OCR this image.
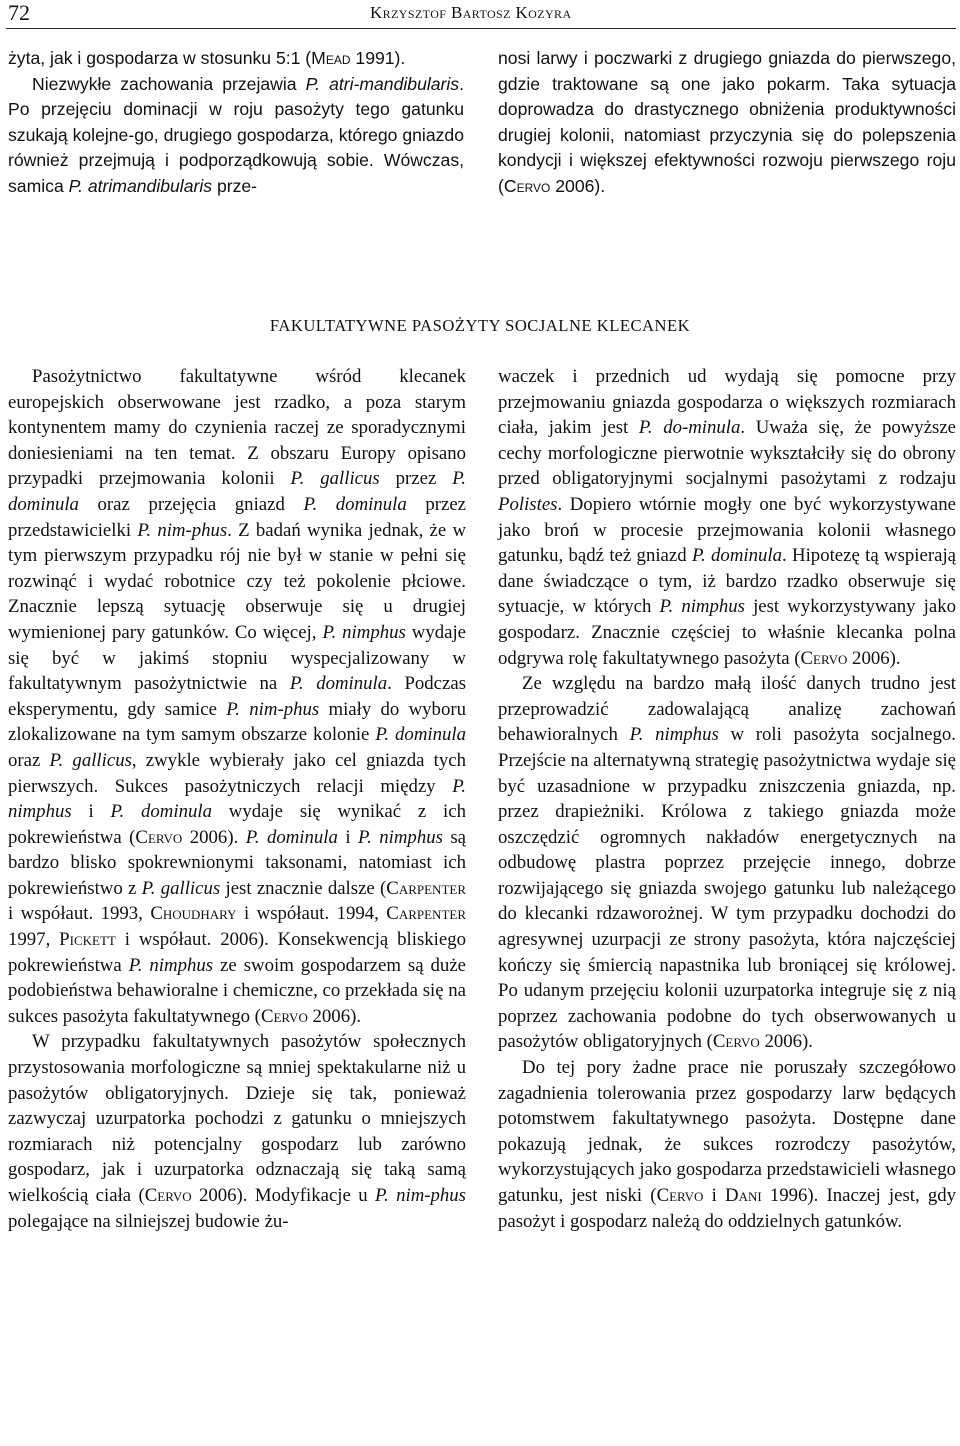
72	Krzysztof Bartosz Kozyra

żyta, jak i gospodarza w stosunku 5:1 (Mead 1991).

Niezwykłe zachowania przejawia P. atri-mandibularis. Po przejęciu dominacji w roju pasożyty tego gatunku szukają kolejne-go, drugiego gospodarza, którego gniazdo również przejmują i podporządkowują sobie. Wówczas, samica P. atrimandibularis prze-

nosi larwy i poczwarki z drugiego gniazda do pierwszego, gdzie traktowane są one jako pokarm. Taka sytuacja doprowadza do drastycznego obniżenia produktywności drugiej kolonii, natomiast przyczynia się do polepszenia kondycji i większej efektywności rozwoju pierwszego roju (Cervo 2006).

FAKULTATYWNE PASOŻYTY SOCJALNE KLECANEK

Pasożytnictwo fakultatywne wśród klecanek europejskich obserwowane jest rzadko, a poza starym kontynentem mamy do czynienia raczej ze sporadycznymi doniesieniami na ten temat. Z obszaru Europy opisano przypadki przejmowania kolonii P. gallicus przez P. dominula oraz przejęcia gniazd P. dominula przez przedstawicielki P. nim-phus. Z badań wynika jednak, że w tym pierwszym przypadku rój nie był w stanie w pełni się rozwinąć i wydać robotnice czy też pokolenie płciowe. Znacznie lepszą sytuację obserwuje się u drugiej wymienionej pary gatunków. Co więcej, P. nimphus wydaje się być w jakimś stopniu wyspecjalizowany w fakultatywnym pasożytnictwie na P. dominula. Podczas eksperymentu, gdy samice P. nim-phus miały do wyboru zlokalizowane na tym samym obszarze kolonie P. dominula oraz P. gallicus, zwykle wybierały jako cel gniazda tych pierwszych. Sukces pasożytniczych relacji między P. nimphus i P. dominula wydaje się wynikać z ich pokrewieństwa (Cervo 2006). P. dominula i P. nimphus są bardzo blisko spokrewnionymi taksonami, natomiast ich pokrewieństwo z P. gallicus jest znacznie dalsze (Carpenter i współaut. 1993, Choudhary i współaut. 1994, Carpenter 1997, Pickett i współaut. 2006). Konsekwencją bliskiego pokrewieństwa P. nimphus ze swoim gospodarzem są duże podobieństwa behawioralne i chemiczne, co przekłada się na sukces pasożyta fakultatywnego (Cervo 2006).

W przypadku fakultatywnych pasożytów społecznych przystosowania morfologiczne są mniej spektakularne niż u pasożytów obligatoryjnych. Dzieje się tak, ponieważ zazwyczaj uzurpatorka pochodzi z gatunku o mniejszych rozmiarach niż potencjalny gospodarz lub zarówno gospodarz, jak i uzurpatorka odznaczają się taką samą wielkością ciała (Cervo 2006). Modyfikacje u P. nim-phus polegające na silniejszej budowie żu-

waczek i przednich ud wydają się pomocne przy przejmowaniu gniazda gospodarza o większych rozmiarach ciała, jakim jest P. do-minula. Uważa się, że powyższe cechy morfologiczne pierwotnie wykształciły się do obrony przed obligatoryjnymi socjalnymi pasożytami z rodzaju Polistes. Dopiero wtórnie mogły one być wykorzystywane jako broń w procesie przejmowania kolonii własnego gatunku, bądź też gniazd P. dominula. Hipotezę tą wspierają dane świadczące o tym, iż bardzo rzadko obserwuje się sytuacje, w których P. nimphus jest wykorzystywany jako gospodarz. Znacznie częściej to właśnie klecanka polna odgrywa rolę fakultatywnego pasożyta (Cervo 2006).

Ze względu na bardzo małą ilość danych trudno jest przeprowadzić zadowalającą analizę zachowań behawioralnych P. nimphus w roli pasożyta socjalnego. Przejście na alternatywną strategię pasożytnictwa wydaje się być uzasadnione w przypadku zniszczenia gniazda, np. przez drapieżniki. Królowa z takiego gniazda może oszczędzić ogromnych nakładów energetycznych na odbudowę plastra poprzez przejęcie innego, dobrze rozwijającego się gniazda swojego gatunku lub należącego do klecanki rdzaworożnej. W tym przypadku dochodzi do agresywnej uzurpacji ze strony pasożyta, która najczęściej kończy się śmiercią napastnika lub broniącej się królowej. Po udanym przejęciu kolonii uzurpatorka integruje się z nią poprzez zachowania podobne do tych obserwowanych u pasożytów obligatoryjnych (Cervo 2006).

Do tej pory żadne prace nie poruszały szczegółowo zagadnienia tolerowania przez gospodarzy larw będących potomstwem fakultatywnego pasożyta. Dostępne dane pokazują jednak, że sukces rozrodczy pasożytów, wykorzystujących jako gospodarza przedstawicieli własnego gatunku, jest niski (Cervo i Dani 1996). Inaczej jest, gdy pasożyt i gospodarz należą do oddzielnych gatunków.
